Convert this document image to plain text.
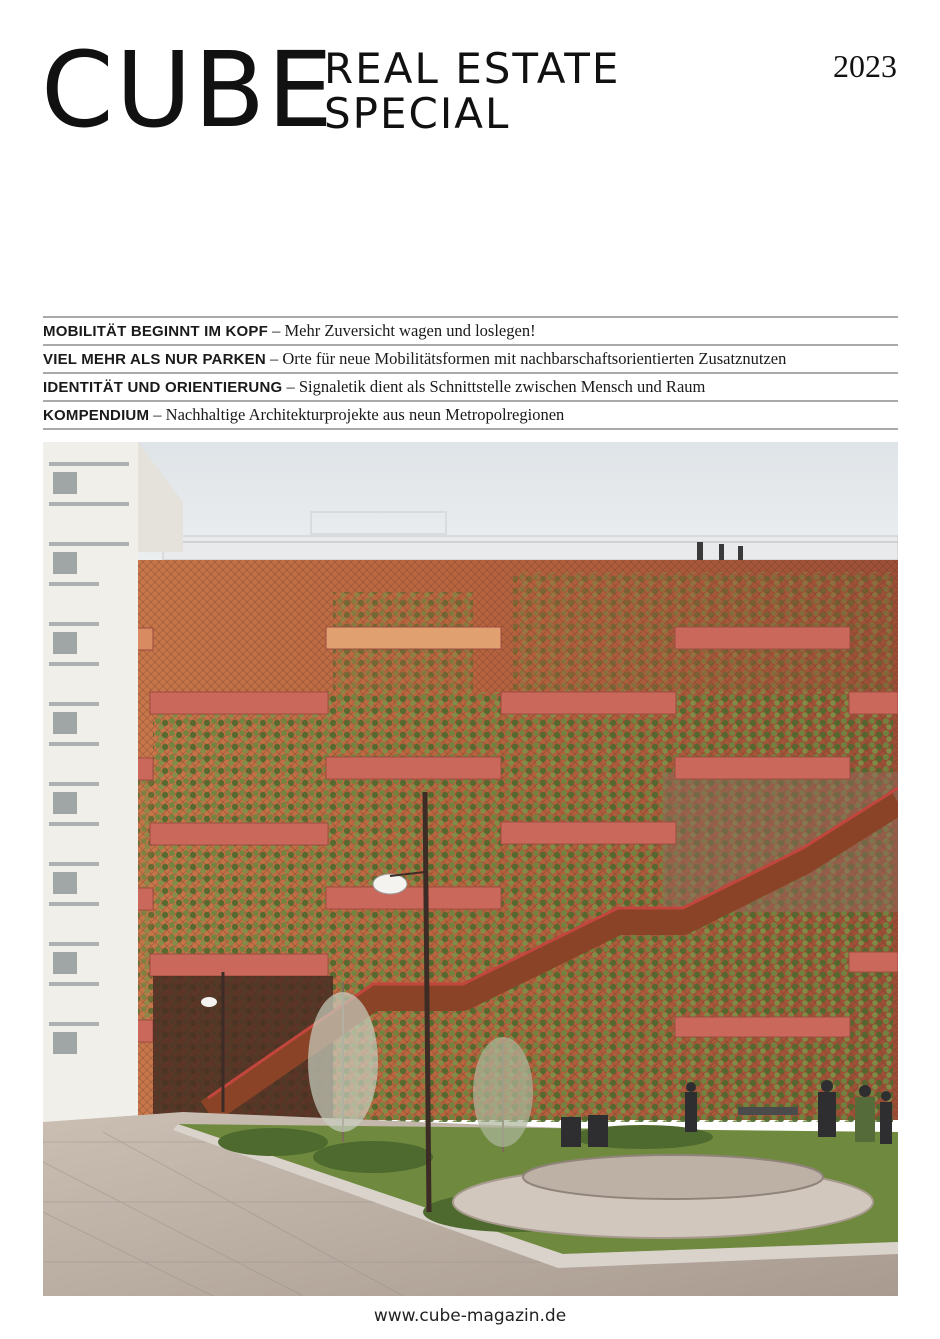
CUBE
REAL ESTATE
SPECIAL
2023
MOBILITÄT BEGINNT IM KOPF – Mehr Zuversicht wagen und loslegen!
VIEL MEHR ALS NUR PARKEN – Orte für neue Mobilitätsformen mit nachbarschaftsorientierten Zusatznutzen
IDENTITÄT UND ORIENTIERUNG – Signaletik dient als Schnittstelle zwischen Mensch und Raum
KOMPENDIUM – Nachhaltige Architekturprojekte aus neun Metropolregionen
© Rasmus Hjortshøj / Copenhagen Media Center
www.cube-magazin.de
